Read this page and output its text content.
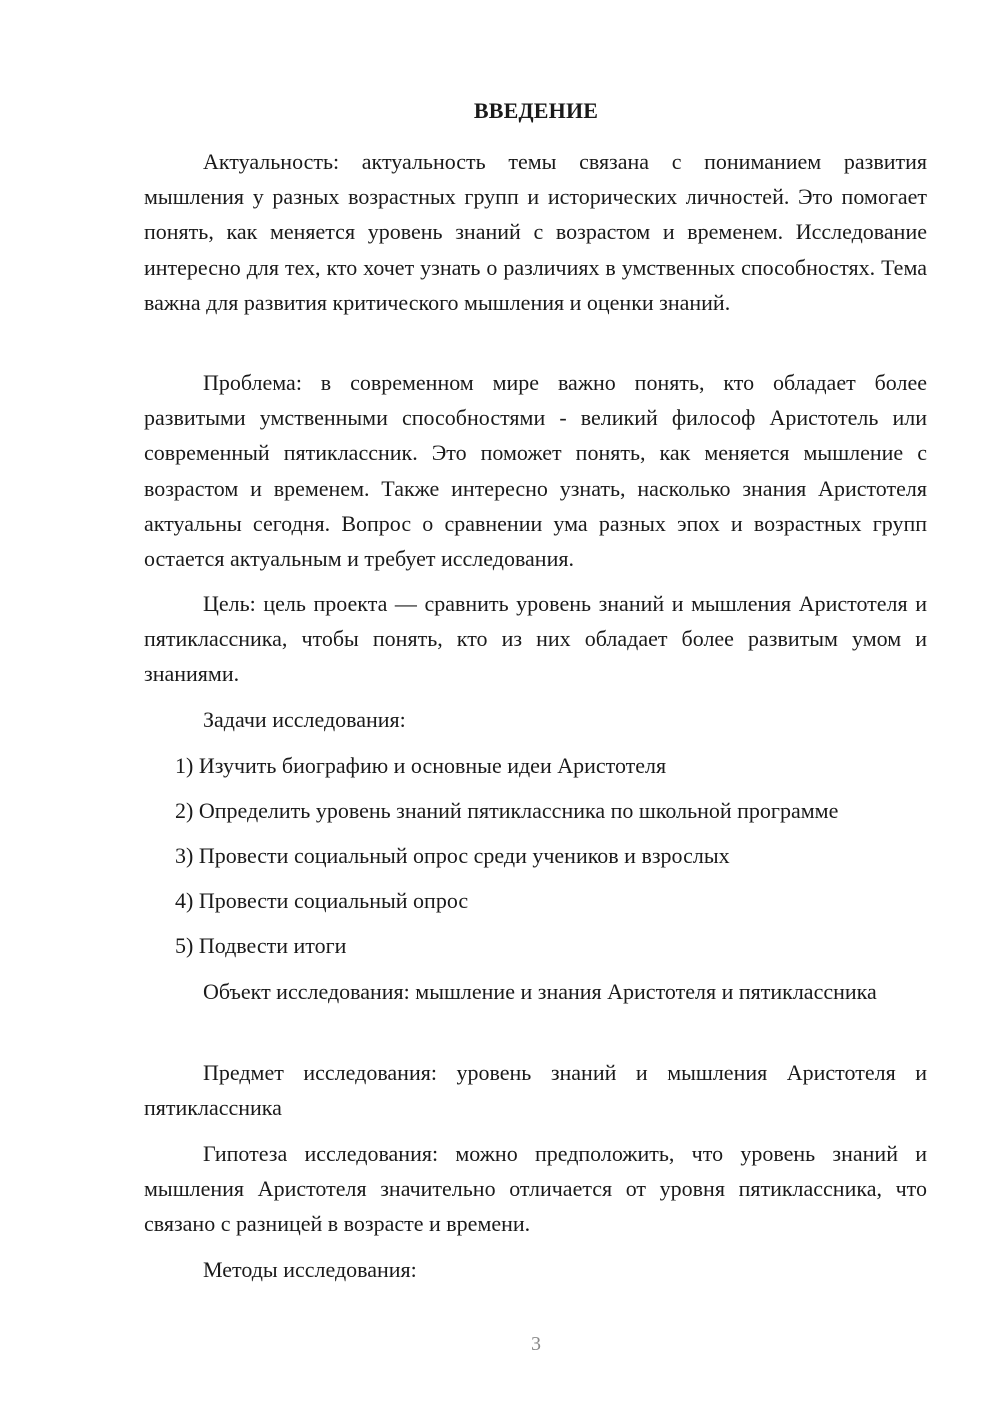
ВВЕДЕНИЕ

Актуальность: актуальность темы связана с пониманием развития мышления у разных возрастных групп и исторических личностей. Это помогает понять, как меняется уровень знаний с возрастом и временем. Исследование интересно для тех, кто хочет узнать о различиях в умственных способностях. Тема важна для развития критического мышления и оценки знаний.

Проблема: в современном мире важно понять, кто обладает более развитыми умственными способностями - великий философ Аристотель или современный пятиклассник. Это поможет понять, как меняется мышление с возрастом и временем. Также интересно узнать, насколько знания Аристотеля актуальны сегодня. Вопрос о сравнении ума разных эпох и возрастных групп остается актуальным и требует исследования.

Цель: цель проекта — сравнить уровень знаний и мышления Аристотеля и пятиклассника, чтобы понять, кто из них обладает более развитым умом и знаниями.

Задачи исследования:

1) Изучить биографию и основные идеи Аристотеля

2) Определить уровень знаний пятиклассника по школьной программе

3) Провести социальный опрос среди учеников и взрослых

4) Провести социальный опрос

5) Подвести итоги

Объект исследования: мышление и знания Аристотеля и пятиклассника

Предмет исследования: уровень знаний и мышления Аристотеля и пятиклассника

Гипотеза исследования: можно предположить, что уровень знаний и мышления Аристотеля значительно отличается от уровня пятиклассника, что связано с разницей в возрасте и времени.

Методы исследования:

3
